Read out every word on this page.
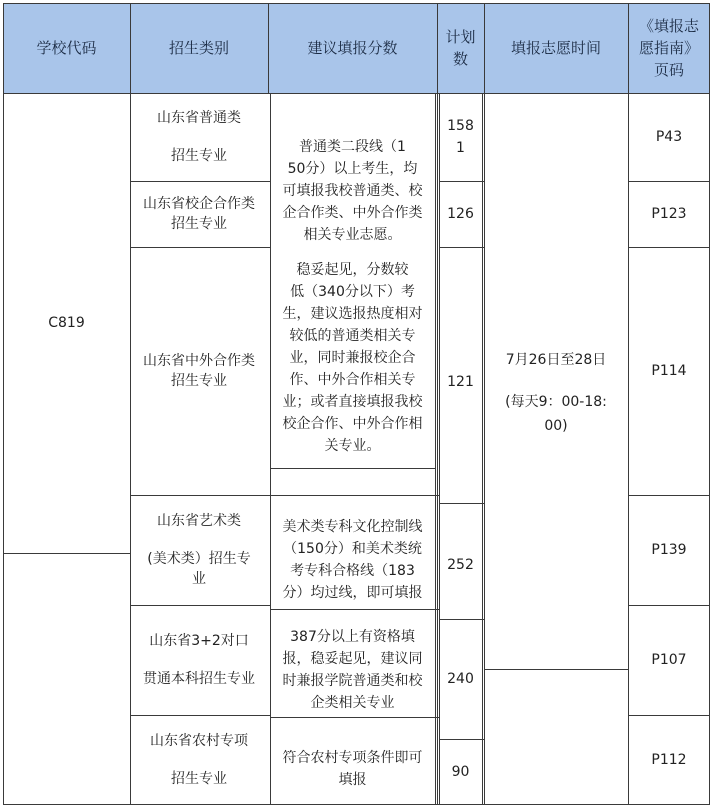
学校代码	招生类别	建议填报分数
计划
数
填报志愿时间
《填报志
愿指南》
页码
C819

7月26日至28日
(每天9：00-18:
00)

山东省普通类
招生专业
山东省校企合作类
招生专业
山东省中外合作类
招生专业
山东省艺术类
(美术类）招生专
业
山东省3+2对口
贯通本科招生专业
山东省农村专项
招生专业
普通类二段线（1
50分）以上考生，均
可填报我校普通类、校
企合作类、中外合作类
相关专业志愿。
稳妥起见，分数较
低（340分以下）考
生，建议选报热度相对
较低的普通类相关专
业，同时兼报校企合
作、中外合作相关专
业；或者直接填报我校
校企合作、中外合作相
关专业。
美术类专科文化控制线
（150分）和美术类统
考专科合格线（183
分）均过线，即可填报
387分以上有资格填
报，稳妥起见，建议同
时兼报学院普通类和校
企类相关专业
符合农村专项条件即可
填报
158
1
126
121
252
240
90
P43
P123
P114
P139
P107
P112
